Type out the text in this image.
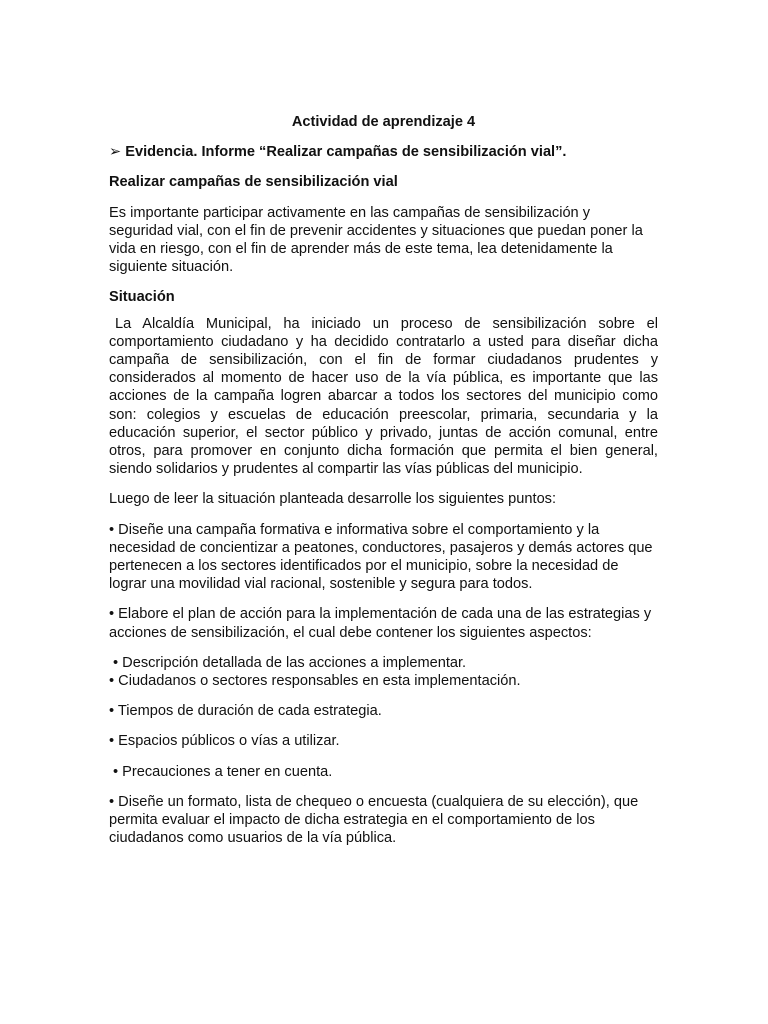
Actividad de aprendizaje 4

➢ Evidencia. Informe “Realizar campañas de sensibilización vial”.

Realizar campañas de sensibilización vial

Es importante participar activamente en las campañas de sensibilización y seguridad vial, con el fin de prevenir accidentes y situaciones que puedan poner la vida en riesgo, con el fin de aprender más de este tema, lea detenidamente la siguiente situación.

Situación

La Alcaldía Municipal, ha iniciado un proceso de sensibilización sobre el comportamiento ciudadano y ha decidido contratarlo a usted para diseñar dicha campaña de sensibilización, con el fin de formar ciudadanos prudentes y considerados al momento de hacer uso de la vía pública, es importante que las acciones de la campaña logren abarcar a todos los sectores del municipio como son: colegios y escuelas de educación preescolar, primaria, secundaria y la educación superior, el sector público y privado, juntas de acción comunal, entre otros, para promover en conjunto dicha formación que permita el bien general, siendo solidarios y prudentes al compartir las vías públicas del municipio.

Luego de leer la situación planteada desarrolle los siguientes puntos:

• Diseñe una campaña formativa e informativa sobre el comportamiento y la necesidad de concientizar a peatones, conductores, pasajeros y demás actores que pertenecen a los sectores identificados por el municipio, sobre la necesidad de lograr una movilidad vial racional, sostenible y segura para todos.

• Elabore el plan de acción para la implementación de cada una de las estrategias y acciones de sensibilización, el cual debe contener los siguientes aspectos:

• Descripción detallada de las acciones a implementar.

• Ciudadanos o sectores responsables en esta implementación.

• Tiempos de duración de cada estrategia.

• Espacios públicos o vías a utilizar.

• Precauciones a tener en cuenta.

• Diseñe un formato, lista de chequeo o encuesta (cualquiera de su elección), que permita evaluar el impacto de dicha estrategia en el comportamiento de los ciudadanos como usuarios de la vía pública.
